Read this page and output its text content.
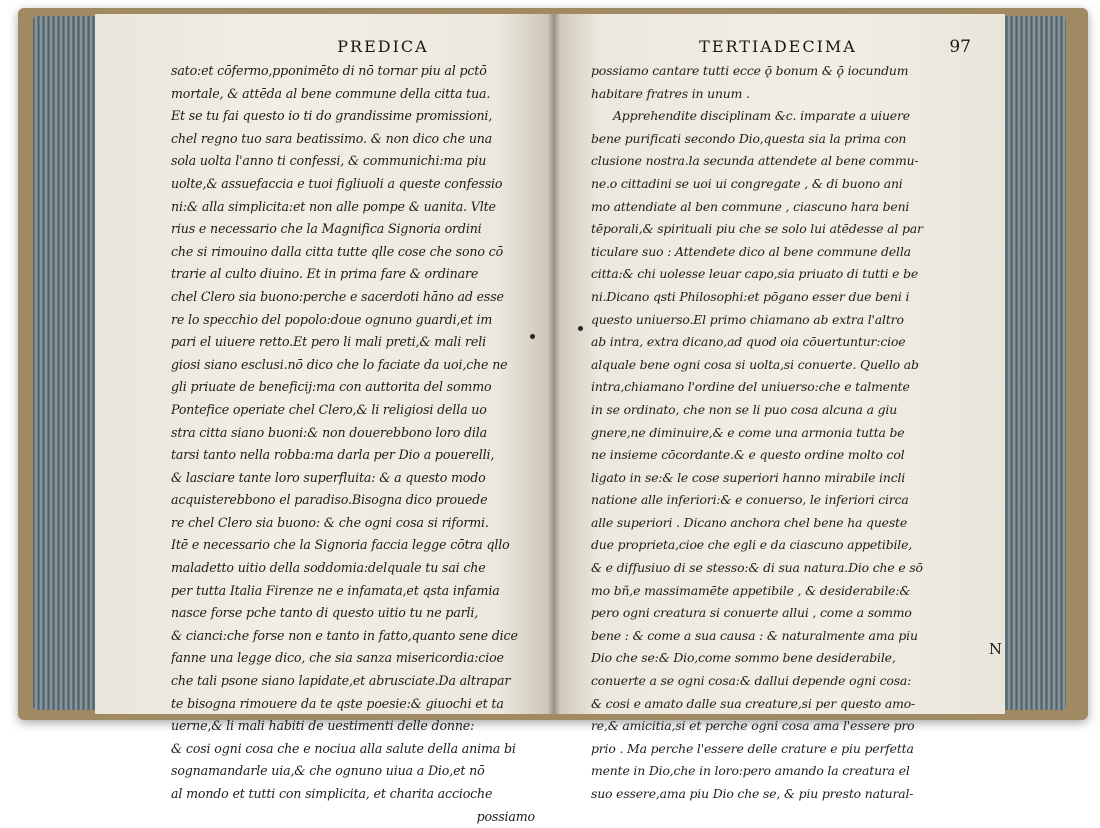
PREDICA
sato:et cōfermo,pponimēto di nō tornar piu al pctō
mortale, & attēda al bene commune della citta tua.
Et se tu fai questo io ti do grandissime promissioni,
chel regno tuo sara beatissimo. & non dico che una
sola uolta l'anno ti confessi, & communichi:ma piu
uolte,& assuefaccia e tuoi figliuoli a queste confessio
ni:& alla simplicita:et non alle pompe & uanita. Vlte
rius e necessario che la Magnifica Signoria ordini
che si rimouino dalla citta tutte qlle cose che sono cō
trarie al culto diuino. Et in prima fare & ordinare
chel Clero sia buono:perche e sacerdoti hāno ad esse
re lo specchio del popolo:doue ognuno guardi,et im
pari el uiuere retto.Et pero li mali preti,& mali reli
giosi siano esclusi.nō dico che lo faciate da uoi,che ne
gli priuate de beneficij:ma con auttorita del sommo
Pontefice operiate chel Clero,& li religiosi della uo
stra citta siano buoni:& non douerebbono loro dila
tarsi tanto nella robba:ma darla per Dio a pouerelli,
& lasciare tante loro superfluita: & a questo modo
acquisterebbono el paradiso.Bisogna dico prouede
re chel Clero sia buono: & che ogni cosa si riformi.
Itē e necessario che la Signoria faccia legge cōtra qllo
maladetto uitio della soddomia:delquale tu sai che
per tutta Italia Firenze ne e infamata,et qsta infamia
nasce forse pche tanto di questo uitio tu ne parli,
& cianci:che forse non e tanto in fatto,quanto sene dice
fanne una legge dico, che sia sanza misericordia:cioe
che tali psone siano lapidate,et abrusciate.Da altrapar
te bisogna rimouere da te qste poesie:& giuochi et ta
uerne,& li mali habiti de uestimenti delle donne:
& cosi ogni cosa che e nociua alla salute della anima bi
sognamandarle uia,& che ognuno uiua a Dio,et nō
al mondo et tutti con simplicita, et charita accioche
possiamo
TERTIADECIMA	97
possiamo cantare tutti ecce ǭ bonum & ǭ iocundum
habitare fratres in unum .
Apprehendite disciplinam &c. imparate a uiuere
bene purificati secondo Dio,questa sia la prima con
clusione nostra.la secunda attendete al bene commu-
ne.o cittadini se uoi ui congregate , & di buono ani
mo attendiate al ben commune , ciascuno hara beni
tēporali,& spirituali piu che se solo lui atēdesse al par
ticulare suo : Attendete dico al bene commune della
citta:& chi uolesse leuar capo,sia priuato di tutti e be
ni.Dicano qsti Philosophi:et pōgano esser due beni i
questo uniuerso.El primo chiamano ab extra l'altro
ab intra, extra dicano,ad quod oia cōuertuntur:cioe
alquale bene ogni cosa si uolta,si conuerte. Quello ab
intra,chiamano l'ordine del uniuerso:che e talmente
in se ordinato, che non se li puo cosa alcuna a giu
gnere,ne diminuire,& e come una armonia tutta be
ne insieme cōcordante.& e questo ordine molto col
ligato in se:& le cose superiori hanno mirabile incli
natione alle inferiori:& e conuerso, le inferiori circa
alle superiori . Dicano anchora chel bene ha queste
due proprieta,cioe che egli e da ciascuno appetibile,
& e diffusiuo di se stesso:& di sua natura.Dio che e sō
mo bñ,e massimamēte appetibile , & desiderabile:&
pero ogni creatura si conuerte allui , come a sommo
bene : & come a sua causa : & naturalmente ama piu
Dio che se:& Dio,come sommo bene desiderabile,
conuerte a se ogni cosa:& dallui depende ogni cosa:
& cosi e amato dalle sua creature,si per questo amo-
re,& amicitia,si et perche ogni cosa ama l'essere pro
prio . Ma perche l'essere delle crature e piu perfetta
mente in Dio,che in loro:pero amando la creatura el
suo essere,ama piu Dio che se, & piu presto natural-
N
